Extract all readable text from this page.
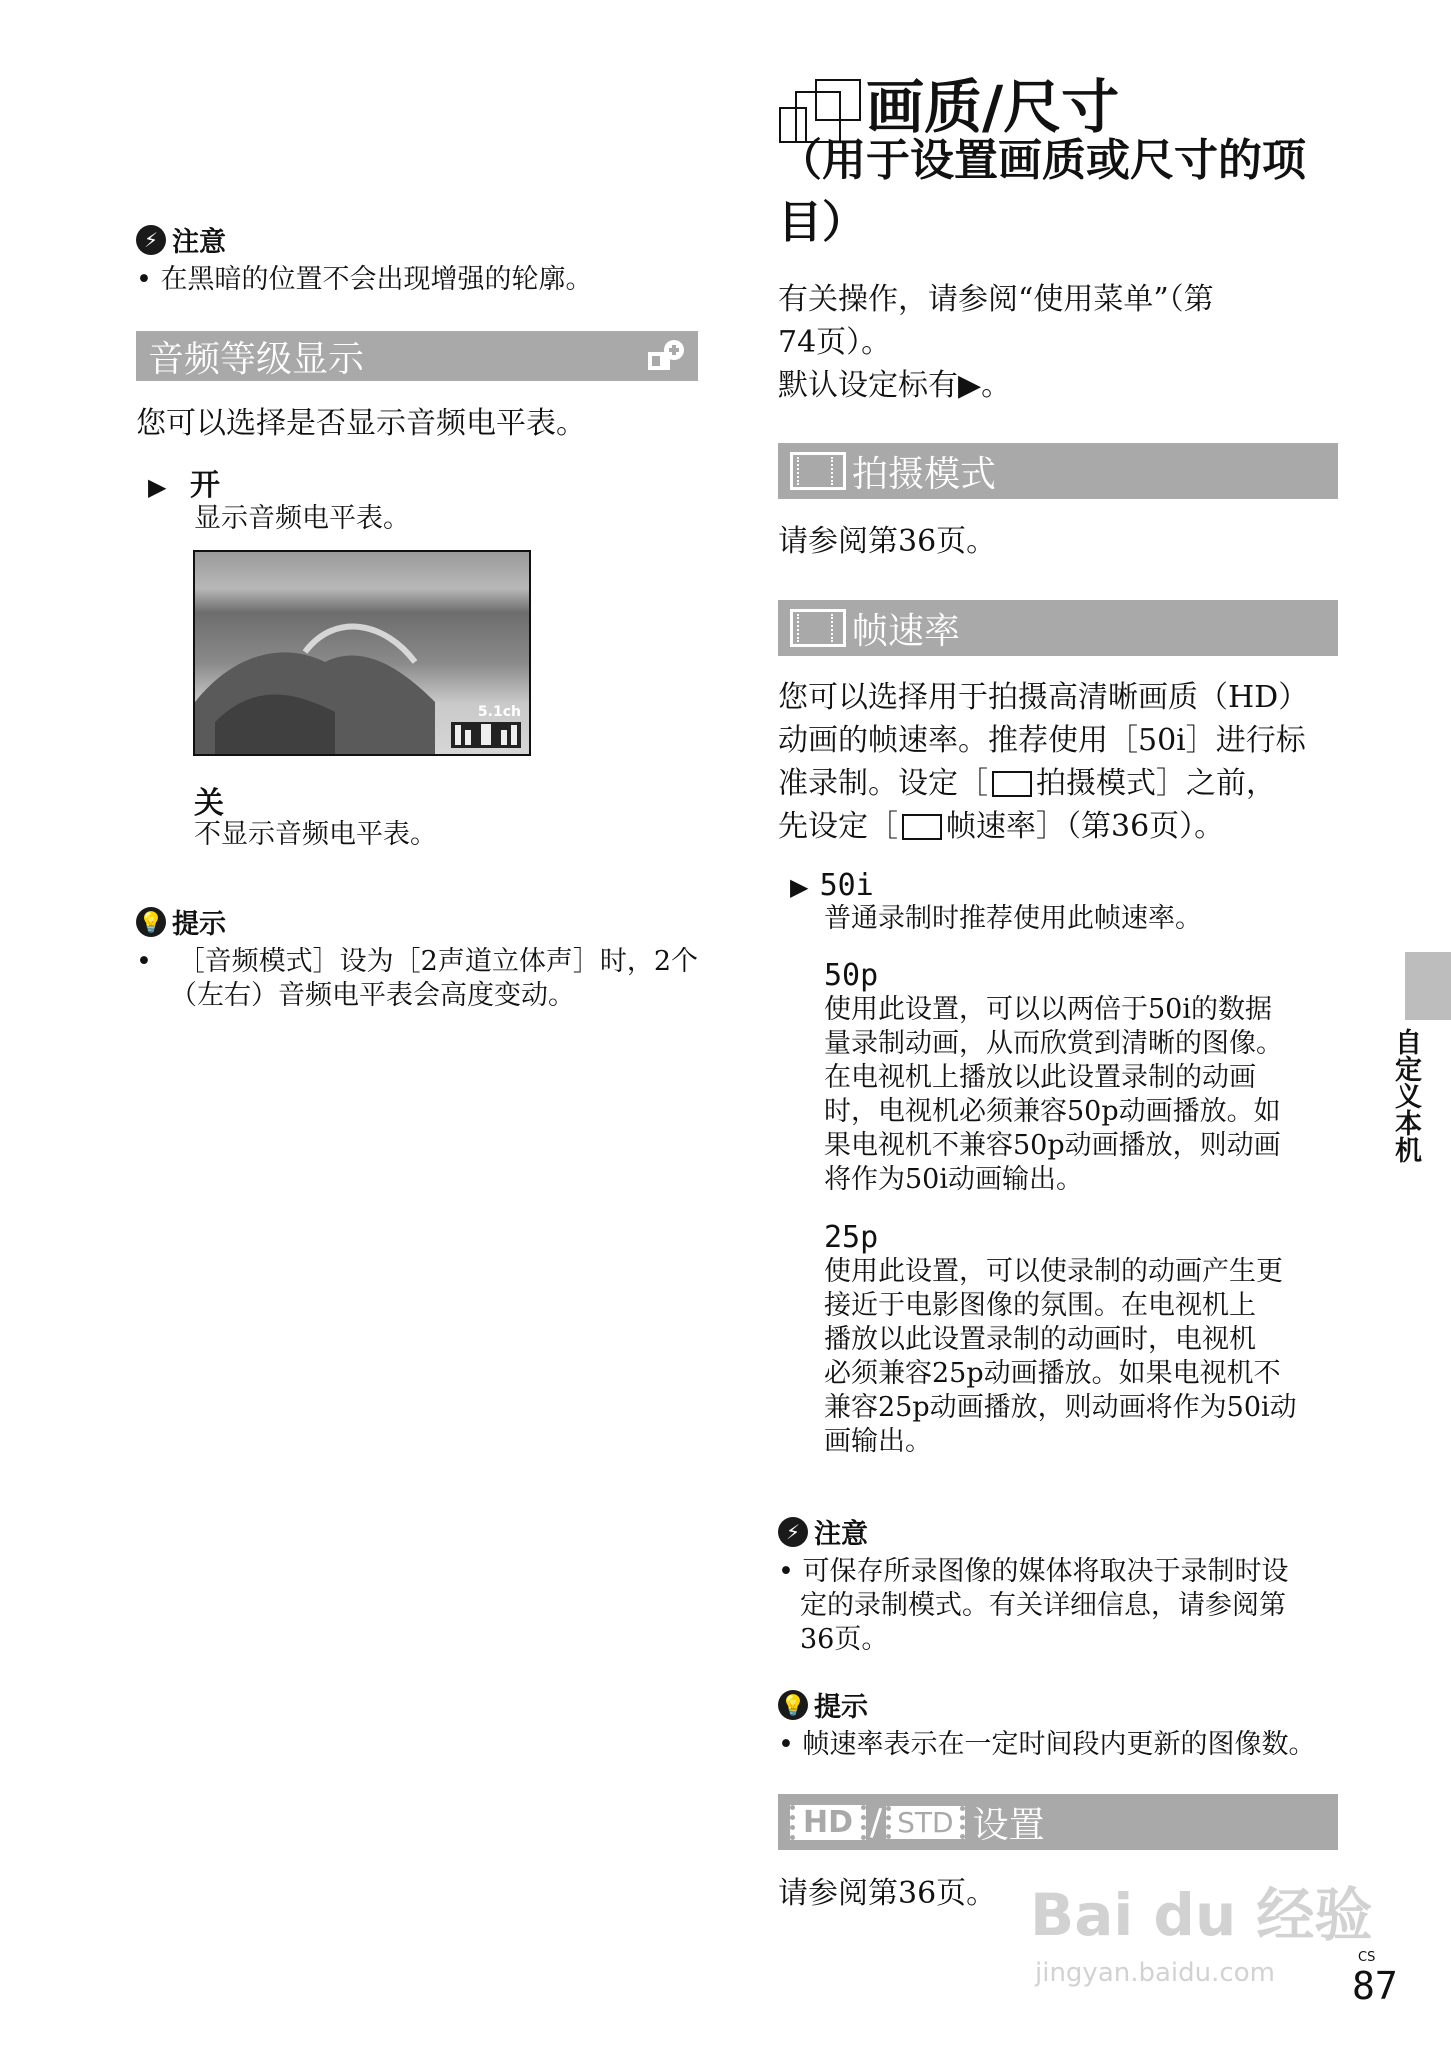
⚡ 注意
• 在黑暗的位置不会出现增强的轮廓。
音频等级显示
您可以选择是否显示音频电平表。
▶ 开
显示音频电平表。
5.1ch
关
不显示音频电平表。
💡 提示
•   ［音频模式］设为［2声道立体声］时，2个（左右）音频电平表会高度变动。
画质/尺寸
（用于设置画质或尺寸的项
目）
有关操作，请参阅“使用菜单”（第
74页）。
默认设定标有▶。
拍摄模式
请参阅第36页。
帧速率
您可以选择用于拍摄高清晰画质（HD）
动画的帧速率。推荐使用［50i］进行标
准录制。设定［ 拍摄模式］之前，
先设定［ 帧速率］（第36页）。
▶ 50i
普通录制时推荐使用此帧速率。
50p
使用此设置，可以以两倍于50i的数据
量录制动画，从而欣赏到清晰的图像。
在电视机上播放以此设置录制的动画
时，电视机必须兼容50p动画播放。如
果电视机不兼容50p动画播放，则动画
将作为50i动画输出。
25p
使用此设置，可以使录制的动画产生更
接近于电影图像的氛围。在电视机上
播放以此设置录制的动画时，电视机
必须兼容25p动画播放。如果电视机不
兼容25p动画播放，则动画将作为50i动
画输出。
⚡ 注意
• 可保存所录图像的媒体将取决于录制时设
定的录制模式。有关详细信息，请参阅第
36页。
💡 提示
• 帧速率表示在一定时间段内更新的图像数。
HD / STD 设置
请参阅第36页。
自定义本机
Bai du 经验
jingyan.baidu.com
CS
87
